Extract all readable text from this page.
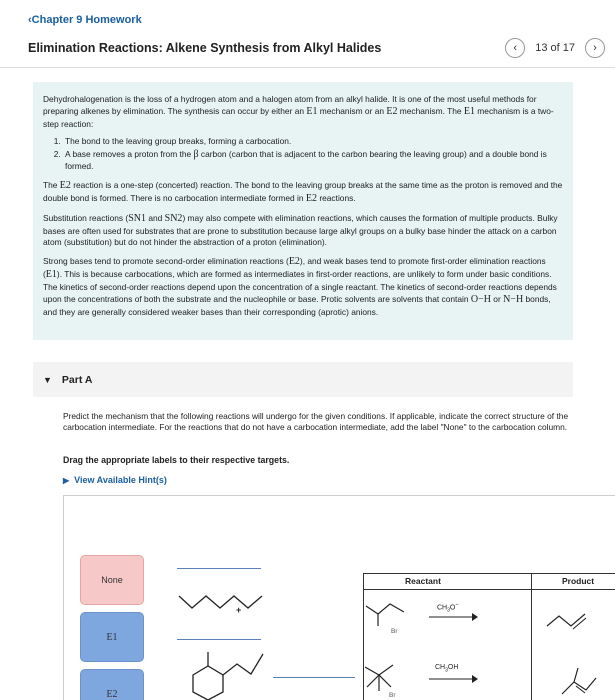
‹Chapter 9 Homework
Elimination Reactions: Alkene Synthesis from Alkyl Halides	‹ 13 of 17 ›

Dehydrohalogenation is the loss of a hydrogen atom and a halogen atom from an alkyl halide. It is one of the most useful methods for preparing alkenes by elimination. The synthesis can occur by either an E1 mechanism or an E2 mechanism. The E1 mechanism is a two-step reaction:

1. The bond to the leaving group breaks, forming a carbocation.
2. A base removes a proton from the β carbon (carbon that is adjacent to the carbon bearing the leaving group) and a double bond is formed.

The E2 reaction is a one-step (concerted) reaction. The bond to the leaving group breaks at the same time as the proton is removed and the double bond is formed. There is no carbocation intermediate formed in E2 reactions.

Substitution reactions (SN1 and SN2) may also compete with elimination reactions, which causes the formation of multiple products. Bulky bases are often used for substrates that are prone to substitution because large alkyl groups on a bulky base hinder the attack on a carbon atom (substitution) but do not hinder the abstraction of a proton (elimination).

Strong bases tend to promote second-order elimination reactions (E2), and weak bases tend to promote first-order elimination reactions (E1). This is because carbocations, which are formed as intermediates in first-order reactions, are unlikely to form under basic conditions. The kinetics of second-order reactions depend upon the concentration of a single reactant. The kinetics of second-order reactions depends upon the concentrations of both the substrate and the nucleophile or base. Protic solvents are solvents that contain O−H or N−H bonds, and they are generally considered weaker bases than their corresponding (aprotic) anions.

▼ Part A
Predict the mechanism that the following reactions will undergo for the given conditions. If applicable, indicate the correct structure of the carbocation intermediate. For the reactions that do not have a carbocation intermediate, add the label "None" to the carbocation column.
Drag the appropriate labels to their respective targets.
▶ View Available Hint(s)
None
E1
E2
+
Reactant	Product
Br
$CH_3O^-$
Br
$CH_3OH$
